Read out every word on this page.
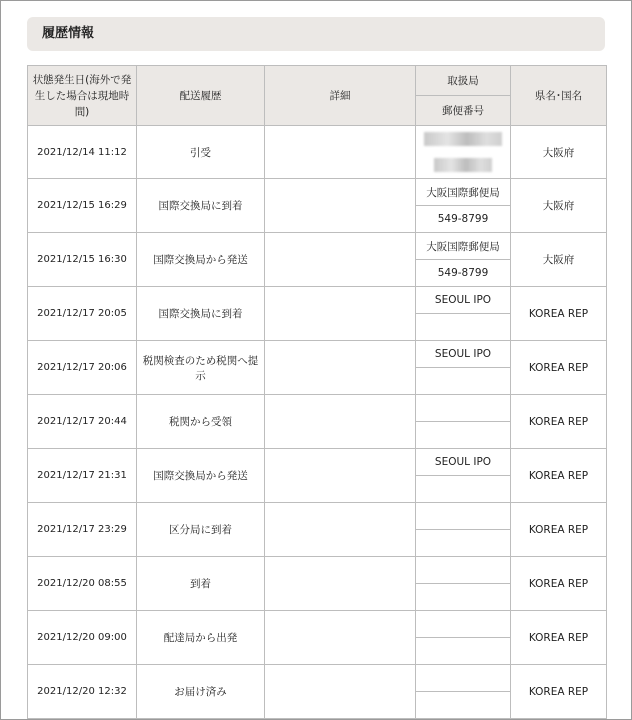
履歴情報
状態発生日(海外で発生した場合は現地時間)	配送履歴	詳細	取扱局	県名･国名
			郵便番号	
2021/12/14 11:12	引受			大阪府

2021/12/15 16:29	国際交換局に到着		大阪国際郵便局	大阪府
			549-8799	
2021/12/15 16:30	国際交換局から発送		大阪国際郵便局	大阪府
			549-8799	
2021/12/17 20:05	国際交換局に到着		SEOUL IPO	KOREA REP

2021/12/17 20:06	税関検査のため税関へ提示		SEOUL IPO	KOREA REP

2021/12/17 20:44	税関から受領			KOREA REP

2021/12/17 21:31	国際交換局から発送		SEOUL IPO	KOREA REP

2021/12/17 23:29	区分局に到着			KOREA REP

2021/12/20 08:55	到着			KOREA REP

2021/12/20 09:00	配達局から出発			KOREA REP

2021/12/20 12:32	お届け済み			KOREA REP
